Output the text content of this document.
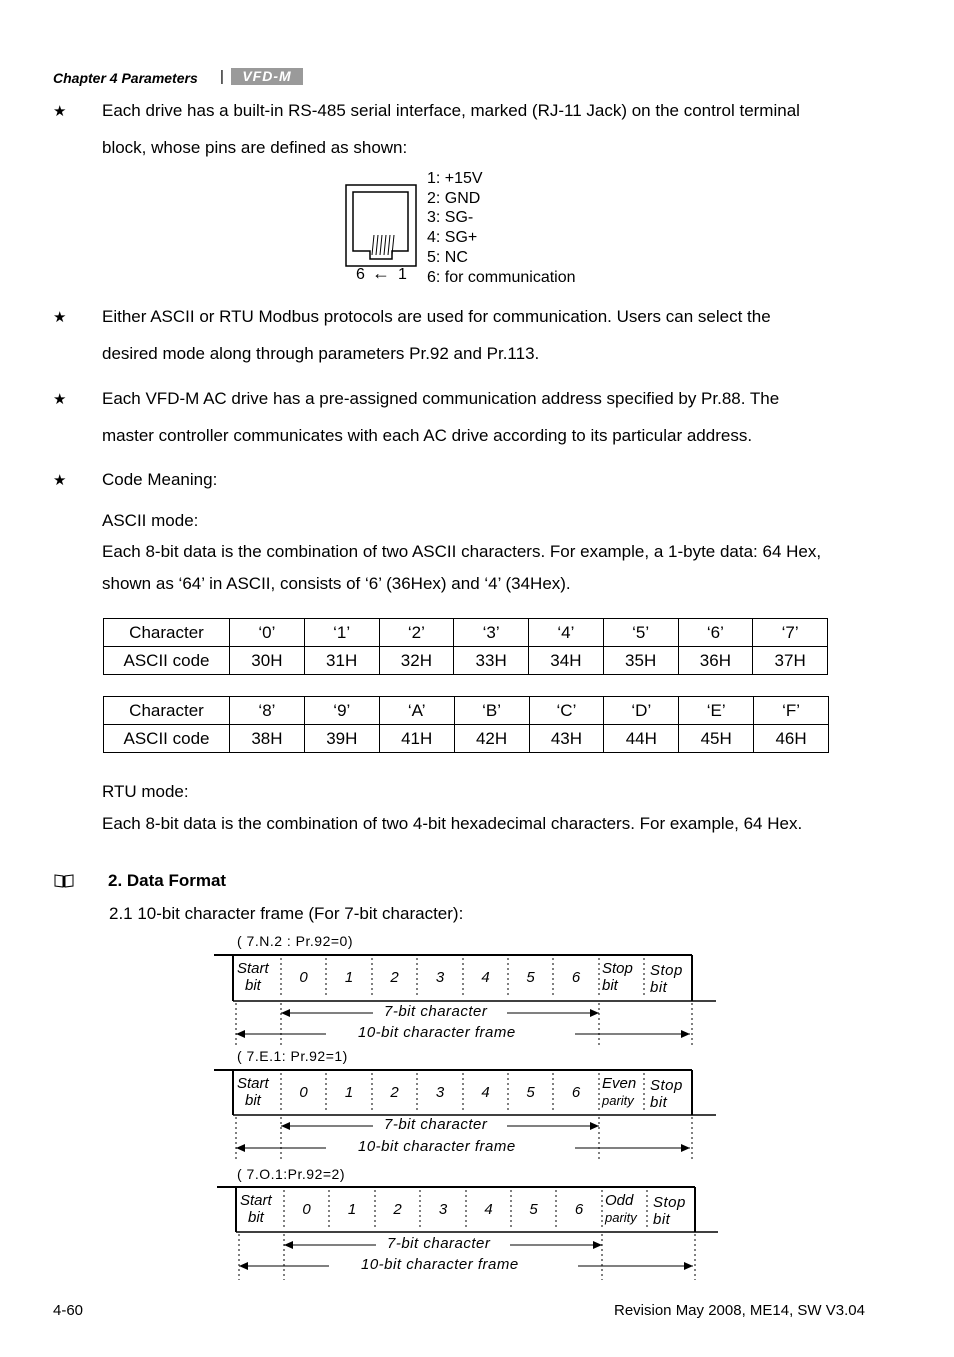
Chapter 4 Parameters |	VFD-M
★ Each drive has a built-in RS-485 serial interface, marked (RJ-11 Jack) on the control terminal
block, whose pins are defined as shown:
6 ← 1
1: +15V
2: GND
3: SG-
4: SG+
5: NC
6: for communication
★ Either ASCII or RTU Modbus protocols are used for communication. Users can select the
desired mode along through parameters Pr.92 and Pr.113.
★ Each VFD-M AC drive has a pre-assigned communication address specified by Pr.88. The
master controller communicates with each AC drive according to its particular address.
★ Code Meaning:
ASCII mode:
Each 8-bit data is the combination of two ASCII characters. For example, a 1-byte data: 64 Hex,
shown as ‘64’ in ASCII, consists of ‘6’ (36Hex) and ‘4’ (34Hex).
Character	‘0’	‘1’	‘2’	‘3’	‘4’	‘5’	‘6’	‘7’
ASCII code	30H	31H	32H	33H	34H	35H	36H	37H
Character	‘8’	‘9’	‘A’	‘B’	‘C’	‘D’	‘E’	‘F’
ASCII code	38H	39H	41H	42H	43H	44H	45H	46H
RTU mode:
Each 8-bit data is the combination of two 4-bit hexadecimal characters. For example, 64 Hex.
2. Data Format
2.1 10-bit character frame (For 7-bit character):
( 7.N.2 : Pr.92=0)
Start
bit	0	1	2	3	4	5	6
Stop
bit
Stop
bit
7-bit character
10-bit character frame
( 7.E.1: Pr.92=1)
Start
bit	0	1	2	3	4	5	6
Even
parity
Stop
bit
7-bit character
10-bit character frame
( 7.O.1:Pr.92=2)
Start
bit	0	1	2	3	4	5	6
Odd
parity
Stop
bit
7-bit character
10-bit character frame
4-60	Revision May 2008, ME14, SW V3.04
